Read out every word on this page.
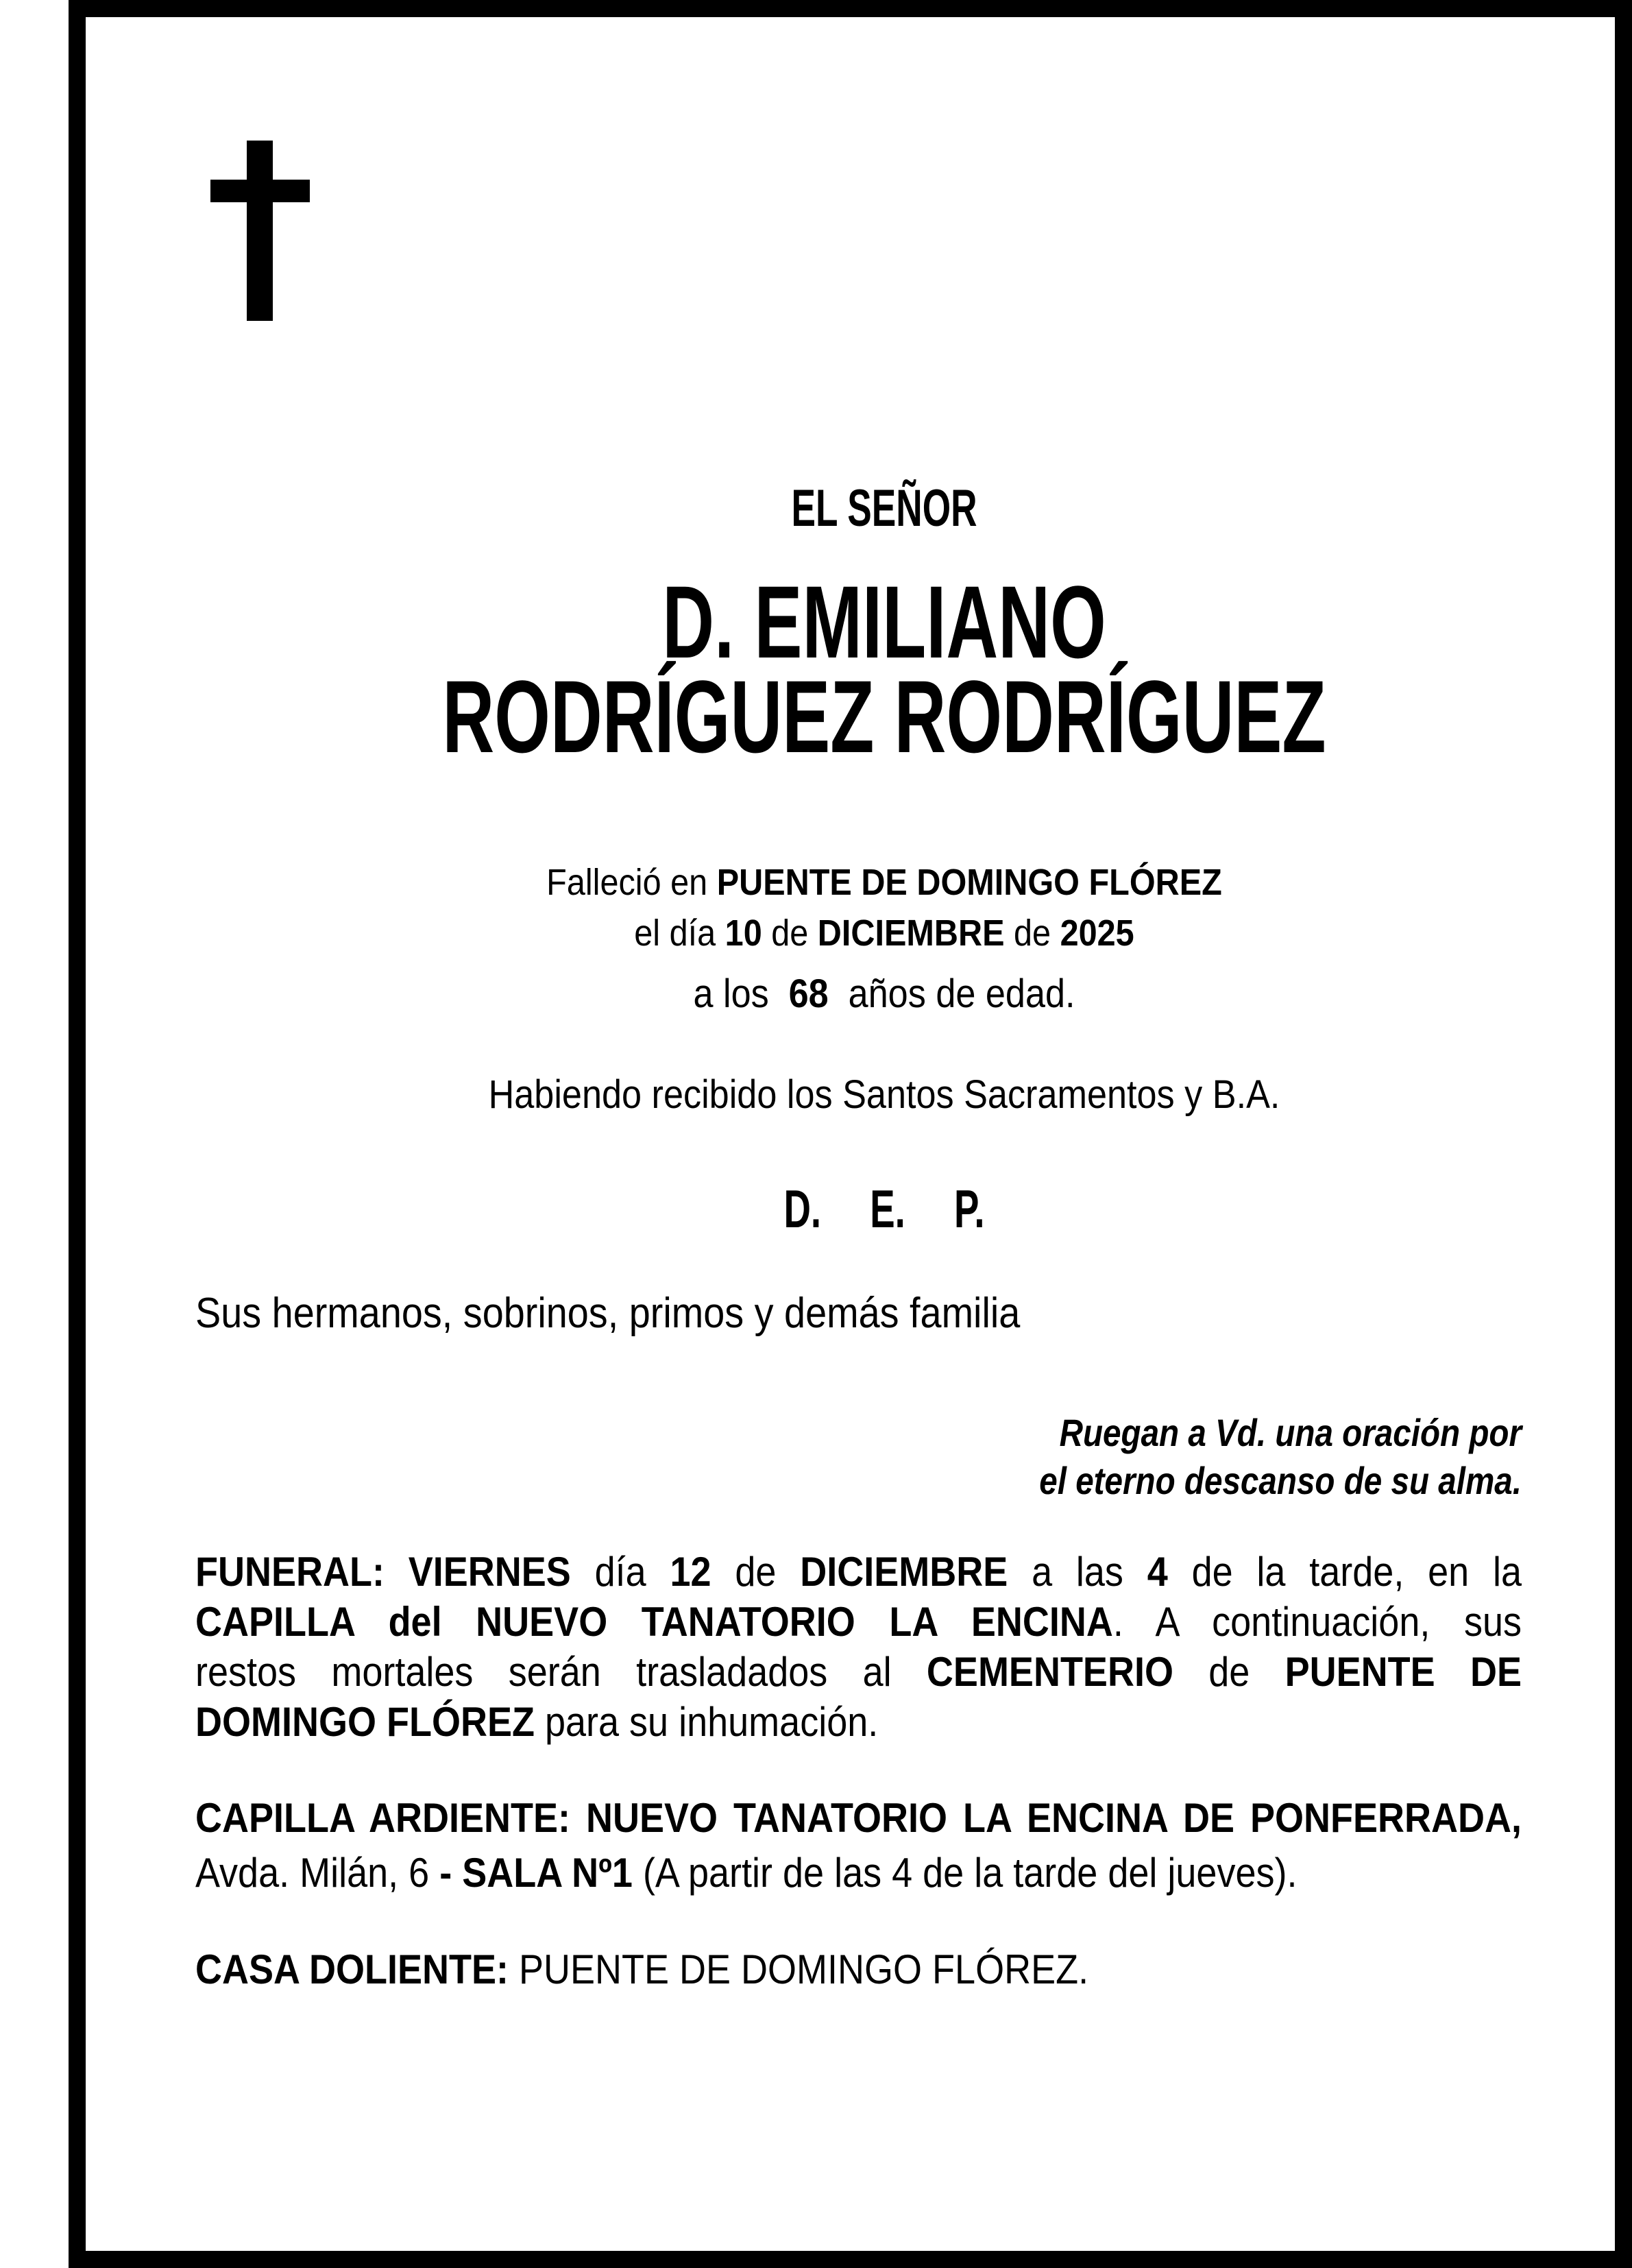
EL SEÑOR
D. EMILIANO
RODRÍGUEZ RODRÍGUEZ
Falleció en PUENTE DE DOMINGO FLÓREZ
el día 10 de DICIEMBRE de 2025
a los 68 años de edad.
Habiendo recibido los Santos Sacramentos y B.A.
D. E. P.
Sus hermanos, sobrinos, primos y demás familia
Ruegan a Vd. una oración por
el eterno descanso de su alma.
FUNERAL: VIERNES día 12 de DICIEMBRE a las 4 de la tarde, en la
CAPILLA del NUEVO TANATORIO LA ENCINA. A continuación, sus
restos mortales serán trasladados al CEMENTERIO de PUENTE DE
DOMINGO FLÓREZ para su inhumación.
CAPILLA ARDIENTE: NUEVO TANATORIO LA ENCINA DE PONFERRADA,
Avda. Milán, 6 - SALA Nº1 (A partir de las 4 de la tarde del jueves).
CASA DOLIENTE: PUENTE DE DOMINGO FLÓREZ.
